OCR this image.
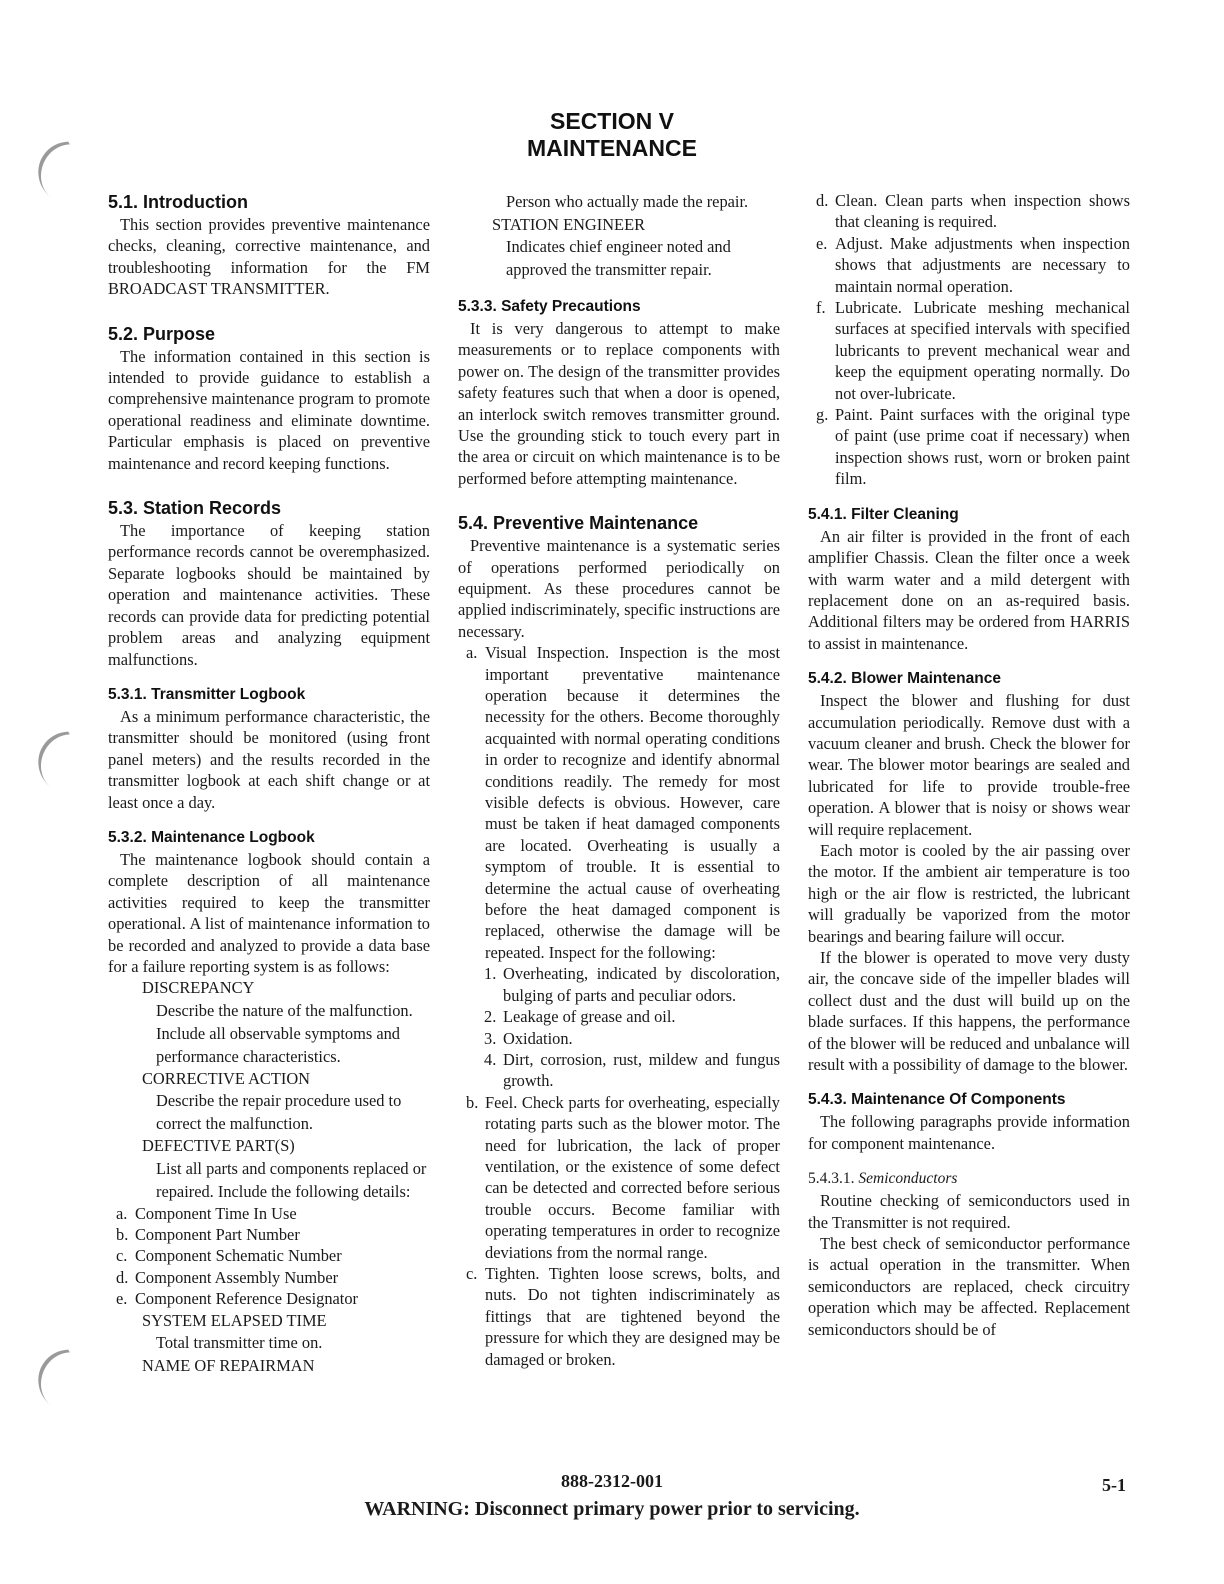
SECTION V
MAINTENANCE
5.1. Introduction

This section provides preventive maintenance checks, cleaning, corrective maintenance, and troubleshooting information for the FM BROADCAST TRANSMITTER.

5.2. Purpose

The information contained in this section is intended to provide guidance to establish a comprehensive maintenance program to promote operational readiness and eliminate downtime. Particular emphasis is placed on preventive maintenance and record keeping functions.

5.3. Station Records

The importance of keeping station performance records cannot be overemphasized. Separate logbooks should be maintained by operation and maintenance activities. These records can provide data for predicting potential problem areas and analyzing equipment malfunctions.

5.3.1. Transmitter Logbook

As a minimum performance characteristic, the transmitter should be monitored (using front panel meters) and the results recorded in the transmitter logbook at each shift change or at least once a day.

5.3.2. Maintenance Logbook

The maintenance logbook should contain a complete description of all maintenance activities required to keep the transmitter operational. A list of maintenance information to be recorded and analyzed to provide a data base for a failure reporting system is as follows:

DISCREPANCY

Describe the nature of the malfunction. Include all observable symptoms and performance characteristics.

CORRECTIVE ACTION

Describe the repair procedure used to correct the malfunction.

DEFECTIVE PART(S)

List all parts and components replaced or repaired. Include the following details:

a. Component Time In Use
b. Component Part Number
c. Component Schematic Number
d. Component Assembly Number
e. Component Reference Designator

SYSTEM ELAPSED TIME

Total transmitter time on.

NAME OF REPAIRMAN

Person who actually made the repair.

STATION ENGINEER

Indicates chief engineer noted and approved the transmitter repair.

5.3.3. Safety Precautions

It is very dangerous to attempt to make measurements or to replace components with power on. The design of the transmitter provides safety features such that when a door is opened, an interlock switch removes transmitter ground. Use the grounding stick to touch every part in the area or circuit on which maintenance is to be performed before attempting maintenance.

5.4. Preventive Maintenance

Preventive maintenance is a systematic series of operations performed periodically on equipment. As these procedures cannot be applied indiscriminately, specific instructions are necessary.

a. Visual Inspection. Inspection is the most important preventative maintenance operation because it determines the necessity for the others. Become thoroughly acquainted with normal operating conditions in order to recognize and identify abnormal conditions readily. The remedy for most visible defects is obvious. However, care must be taken if heat damaged components are located. Overheating is usually a symptom of trouble. It is essential to determine the actual cause of overheating before the heat damaged component is replaced, otherwise the damage will be repeated. Inspect for the following:
1. Overheating, indicated by discoloration, bulging of parts and peculiar odors.
2. Leakage of grease and oil.
3. Oxidation.
4. Dirt, corrosion, rust, mildew and fungus growth.
b. Feel. Check parts for overheating, especially rotating parts such as the blower motor. The need for lubrication, the lack of proper ventilation, or the existence of some defect can be detected and corrected before serious trouble occurs. Become familiar with operating temperatures in order to recognize deviations from the normal range.
c. Tighten. Tighten loose screws, bolts, and nuts. Do not tighten indiscriminately as fittings that are tightened beyond the pressure for which they are designed may be damaged or broken.
d. Clean. Clean parts when inspection shows that cleaning is required.
e. Adjust. Make adjustments when inspection shows that adjustments are necessary to maintain normal operation.
f. Lubricate. Lubricate meshing mechanical surfaces at specified intervals with specified lubricants to prevent mechanical wear and keep the equipment operating normally. Do not over-lubricate.
g. Paint. Paint surfaces with the original type of paint (use prime coat if necessary) when inspection shows rust, worn or broken paint film.
5.4.1. Filter Cleaning

An air filter is provided in the front of each amplifier Chassis. Clean the filter once a week with warm water and a mild detergent with replacement done on an as-required basis. Additional filters may be ordered from HARRIS to assist in maintenance.

5.4.2. Blower Maintenance

Inspect the blower and flushing for dust accumulation periodically. Remove dust with a vacuum cleaner and brush. Check the blower for wear. The blower motor bearings are sealed and lubricated for life to provide trouble-free operation. A blower that is noisy or shows wear will require replacement.

Each motor is cooled by the air passing over the motor. If the ambient air temperature is too high or the air flow is restricted, the lubricant will gradually be vaporized from the motor bearings and bearing failure will occur.

If the blower is operated to move very dusty air, the concave side of the impeller blades will collect dust and the dust will build up on the blade surfaces. If this happens, the performance of the blower will be reduced and unbalance will result with a possibility of damage to the blower.

5.4.3. Maintenance Of Components

The following paragraphs provide information for component maintenance.

5.4.3.1. Semiconductors

Routine checking of semiconductors used in the Transmitter is not required.

The best check of semiconductor performance is actual operation in the transmitter. When semiconductors are replaced, check circuitry operation which may be affected. Replacement semiconductors should be of

888-2312-001	5-1
WARNING: Disconnect primary power prior to servicing.
